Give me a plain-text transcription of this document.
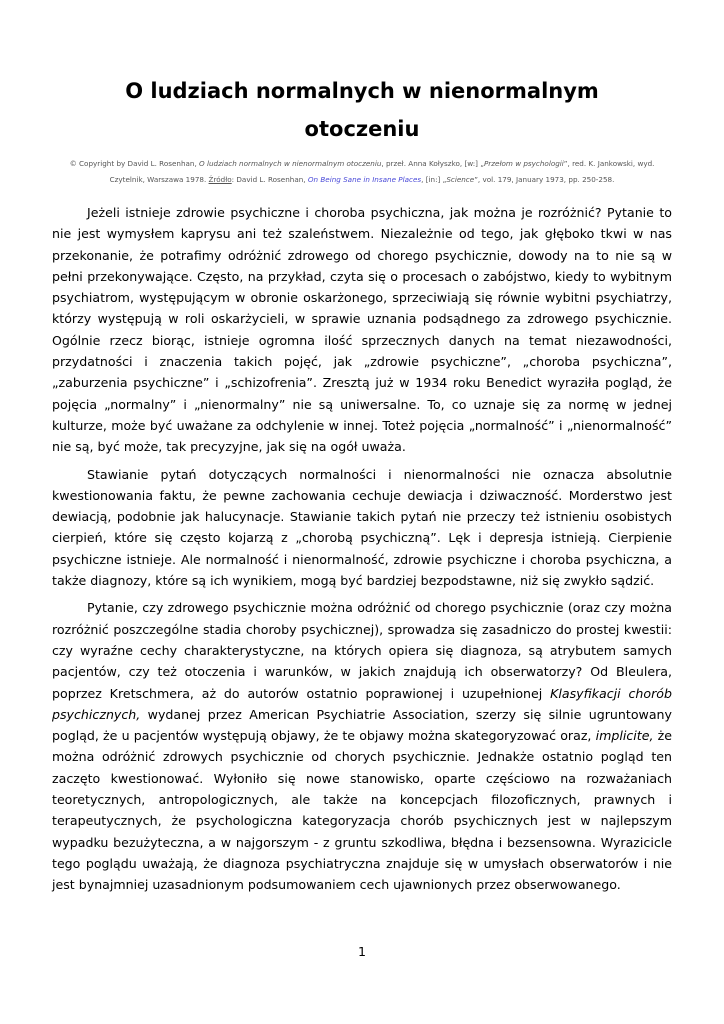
O ludziach normalnych w nienormalnym
otoczeniu
© Copyright by David L. Rosenhan, O ludziach normalnych w nienormalnym otoczeniu, przeł. Anna Kołyszko, [w:] „Przełom w psychologii”, red. K. Jankowski, wyd. Czytelnik, Warszawa 1978. Źródło: David L. Rosenhan, On Being Sane in Insane Places, [in:] „Science”, vol. 179, January 1973, pp. 250-258.

Jeżeli istnieje zdrowie psychiczne i choroba psychiczna, jak można je rozróżnić? Pytanie to nie jest wymysłem kaprysu ani też szaleństwem. Niezależnie od tego, jak głęboko tkwi w nas przekonanie, że potrafimy odróżnić zdrowego od chorego psychicznie, dowody na to nie są w pełni przekonywające. Często, na przykład, czyta się o procesach o zabójstwo, kiedy to wybitnym psychiatrom, występującym w obronie oskarżonego, sprzeciwiają się równie wybitni psychiatrzy, którzy występują w roli oskarżycieli, w sprawie uznania podsądnego za zdrowego psychicznie. Ogólnie rzecz biorąc, istnieje ogromna ilość sprzecznych danych na temat niezawodności, przydatności i znaczenia takich pojęć, jak „zdrowie psychiczne”, „choroba psychiczna”, „zaburzenia psychiczne” i „schizofrenia”. Zresztą już w 1934 roku Benedict wyraziła pogląd, że pojęcia „normalny” i „nienormalny” nie są uniwersalne. To, co uznaje się za normę w jednej kulturze, może być uważane za odchylenie w innej. Toteż pojęcia „normalność” i „nienormalność” nie są, być może, tak precyzyjne, jak się na ogół uważa.

Stawianie pytań dotyczących normalności i nienormalności nie oznacza absolutnie kwestionowania faktu, że pewne zachowania cechuje dewiacja i dziwaczność. Morderstwo jest dewiacją, podobnie jak halucynacje. Stawianie takich pytań nie przeczy też istnieniu osobistych cierpień, które się często kojarzą z „chorobą psychiczną”. Lęk i depresja istnieją. Cierpienie psychiczne istnieje. Ale normalność i nienormalność, zdrowie psychiczne i choroba psychiczna, a także diagnozy, które są ich wynikiem, mogą być bardziej bezpodstawne, niż się zwykło sądzić.

Pytanie, czy zdrowego psychicznie można odróżnić od chorego psychicznie (oraz czy można rozróżnić poszczególne stadia choroby psychicznej), sprowadza się zasadniczo do prostej kwestii: czy wyraźne cechy charakterystyczne, na których opiera się diagnoza, są atrybutem samych pacjentów, czy też otoczenia i warunków, w jakich znajdują ich obserwatorzy? Od Bleulera, poprzez Kretschmera, aż do autorów ostatnio poprawionej i uzupełnionej Klasyfikacji chorób psychicznych, wydanej przez American Psychiatrie Association, szerzy się silnie ugruntowany pogląd, że u pacjentów występują objawy, że te objawy można skategoryzować oraz, implicite, że można odróżnić zdrowych psychicznie od chorych psychicznie. Jednakże ostatnio pogląd ten zaczęto kwestionować. Wyłoniło się nowe stanowisko, oparte częściowo na rozważaniach teoretycznych, antropologicznych, ale także na koncepcjach filozoficznych, prawnych i terapeutycznych, że psychologiczna kategoryzacja chorób psychicznych jest w najlepszym wypadku bezużyteczna, a w najgorszym - z gruntu szkodliwa, błędna i bezsensowna. Wyrazicicle tego poglądu uważają, że diagnoza psychiatryczna znajduje się w umysłach obserwatorów i nie jest bynajmniej uzasadnionym podsumowaniem cech ujawnionych przez obserwowanego.

1
